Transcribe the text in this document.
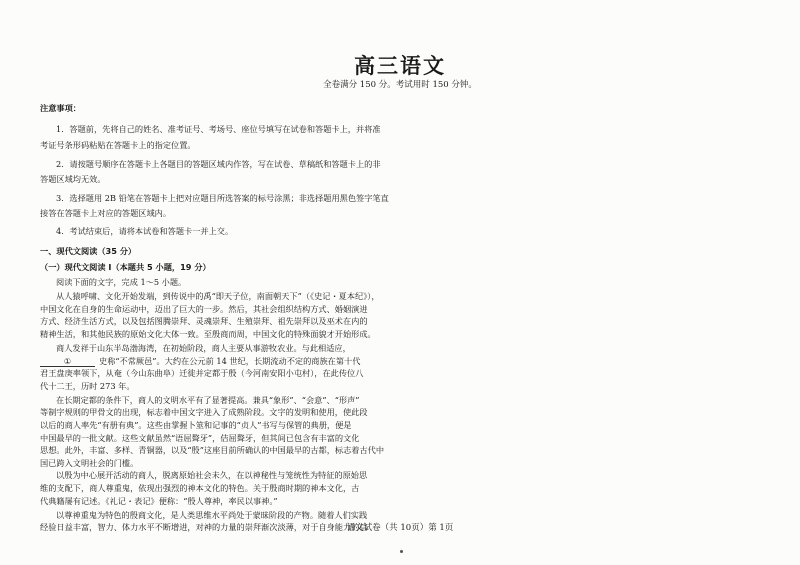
高三语文
全卷满分 150 分。考试用时 150 分钟。
注意事项：
1．答题前，先将自己的姓名、准考证号、考场号、座位号填写在试卷和答题卡上，并将准
考证号条形码粘贴在答题卡上的指定位置。
2．请按题号顺序在答题卡上各题目的答题区域内作答，写在试卷、草稿纸和答题卡上的非
答题区域均无效。
3．选择题用 2B 铅笔在答题卡上把对应题目所选答案的标号涂黑；非选择题用黑色签字笔直
接答在答题卡上对应的答题区域内。
4．考试结束后，请将本试卷和答题卡一并上交。
一、现代文阅读（35 分）
（一）现代文阅读 Ⅰ（本题共 5 小题，19 分）
阅读下面的文字，完成 1～5 小题。
从人猿呼啸、文化开始发端，到传说中的禹“即天子位，南面朝天下”（《史记・夏本纪》），
中国文化在自身的生命运动中，迈出了巨大的一步。然后，其社会组织结构方式、婚姻演进
方式、经济生活方式，以及包括图腾崇拜、灵魂崇拜、生殖崇拜、祖先崇拜以及巫术在内的
精神生活，和其他民族的原始文化大体一致。至殷商而周，中国文化的特殊面貌才开始形成。
商人发祥于山东半岛渤海湾，在初始阶段，商人主要从事游牧农业。与此相适应，
①	史称“不常厥邑”。大约在公元前 14 世纪，长期流动不定的商族在第十代
君王盘庚率领下，从奄（今山东曲阜）迁徙并定都于殷（今河南安阳小屯村），在此传位八
代十二王，历时 273 年。
在长期定都的条件下，商人的文明水平有了显著提高。兼具“象形”、“会意”、“形声”
等制字规则的甲骨文的出现，标志着中国文字进入了成熟阶段。文字的发明和使用，使此段
以后的商人率先“有册有典”。这些由掌握卜筮和记事的“贞人”书写与保管的典册，便是
中国最早的一批文献。这些文献虽然“语屈聱牙”，佶屈聱牙，但其间已包含有丰富的文化
思想。此外，丰富、多样、青铜器，以及“殷”这座目前所确认的中国最早的古都，标志着古代中
国已跨入文明社会的门槛。
语文试卷（共 10页）第 1页
以殷为中心展开活动的商人，脱离原始社会未久，在以神秘性与笼统性为特征的原始思
维的支配下，商人尊重鬼，依现出强烈的神本文化的特色。关于殷商时期的神本文化，古
代典籍屡有记述。《礼记・表记》便称：“殷人尊神，率民以事神。”
以尊神重鬼为特色的殷商文化，是人类思维水平尚处于蒙昧阶段的产物。随着人们实践
经验日益丰富，智力、体力水平不断增进，对神的力量的崇拜渐次淡薄，对于自身能力的信
